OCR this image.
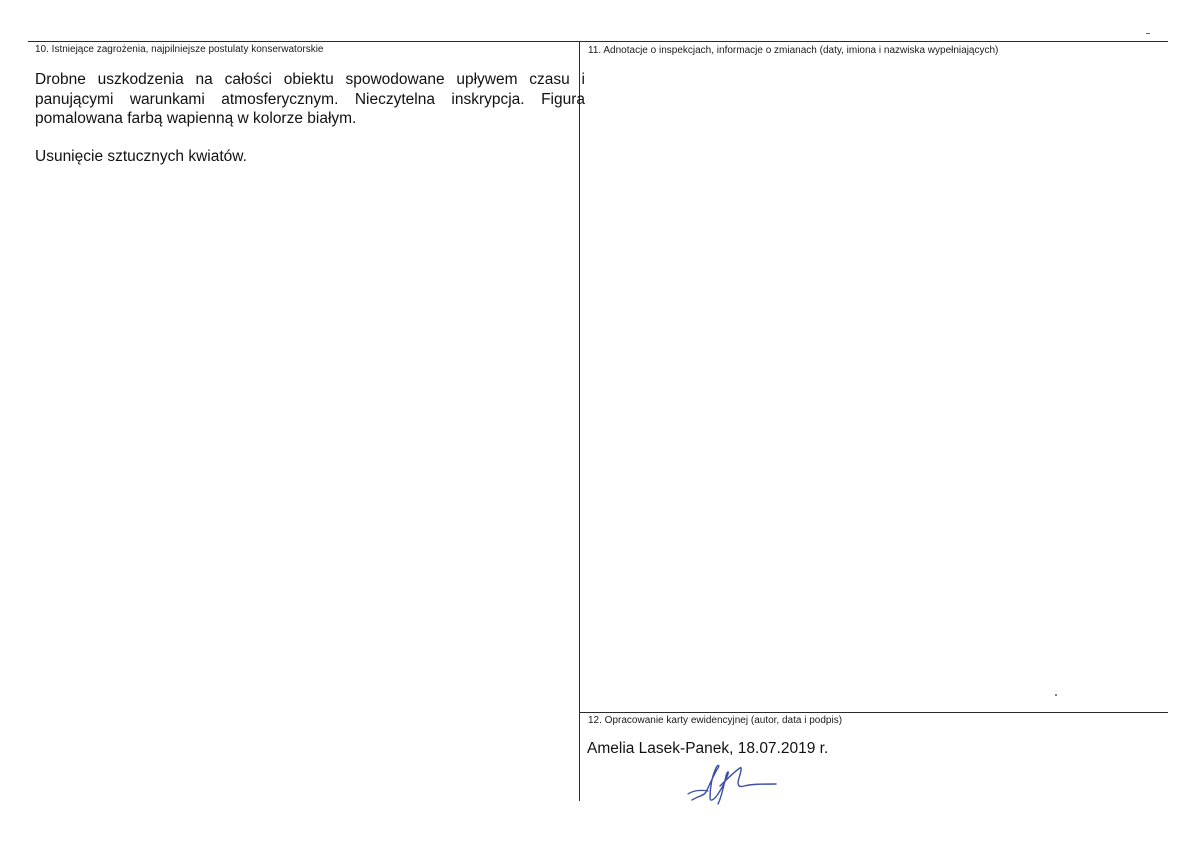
10. Istniejące zagrożenia, najpilniejsze postulaty konserwatorskie
Drobne uszkodzenia na całości obiektu spowodowane upływem czasu i panującymi warunkami atmosferycznym. Nieczytelna inskrypcja. Figura pomalowana farbą wapienną w kolorze białym.
Usunięcie sztucznych kwiatów.
11. Adnotacje o inspekcjach, informacje o zmianach (daty, imiona i nazwiska wypełniających)
12. Opracowanie karty ewidencyjnej (autor, data i podpis)
Amelia Lasek-Panek, 18.07.2019 r.
